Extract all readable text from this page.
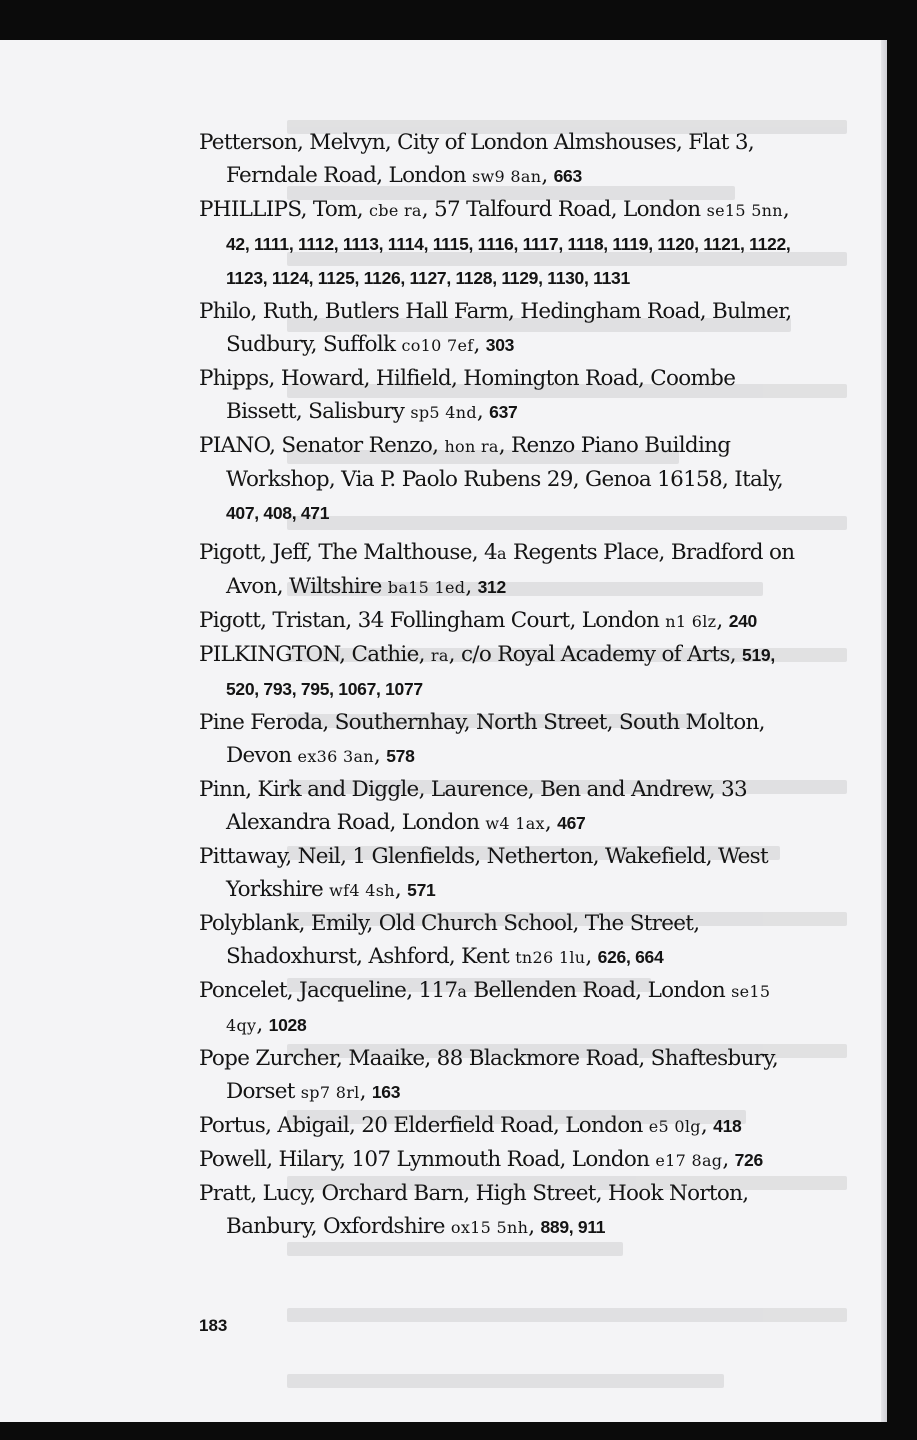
Petterson, Melvyn, City of London Almshouses, Flat 3, Ferndale Road, London sw9 8an, 663

PHILLIPS, Tom, cbe ra, 57 Talfourd Road, London se15 5nn, 42, 1111, 1112, 1113, 1114, 1115, 1116, 1117, 1118, 1119, 1120, 1121, 1122, 1123, 1124, 1125, 1126, 1127, 1128, 1129, 1130, 1131

Philo, Ruth, Butlers Hall Farm, Hedingham Road, Bulmer, Sudbury, Suffolk co10 7ef, 303

Phipps, Howard, Hilfield, Homington Road, Coombe Bissett, Salisbury sp5 4nd, 637

PIANO, Senator Renzo, hon ra, Renzo Piano Building Workshop, Via P. Paolo Rubens 29, Genoa 16158, Italy, 407, 408, 471

Pigott, Jeff, The Malthouse, 4a Regents Place, Bradford on Avon, Wiltshire ba15 1ed, 312

Pigott, Tristan, 34 Follingham Court, London n1 6lz, 240

PILKINGTON, Cathie, ra, c/o Royal Academy of Arts, 519, 520, 793, 795, 1067, 1077

Pine Feroda, Southernhay, North Street, South Molton, Devon ex36 3an, 578

Pinn, Kirk and Diggle, Laurence, Ben and Andrew, 33 Alexandra Road, London w4 1ax, 467

Pittaway, Neil, 1 Glenfields, Netherton, Wakefield, West Yorkshire wf4 4sh, 571

Polyblank, Emily, Old Church School, The Street, Shadoxhurst, Ashford, Kent tn26 1lu, 626, 664

Poncelet, Jacqueline, 117a Bellenden Road, London se15 4qy, 1028

Pope Zurcher, Maaike, 88 Blackmore Road, Shaftesbury, Dorset sp7 8rl, 163

Portus, Abigail, 20 Elderfield Road, London e5 0lg, 418

Powell, Hilary, 107 Lynmouth Road, London e17 8ag, 726

Pratt, Lucy, Orchard Barn, High Street, Hook Norton, Banbury, Oxfordshire ox15 5nh, 889, 911

183
